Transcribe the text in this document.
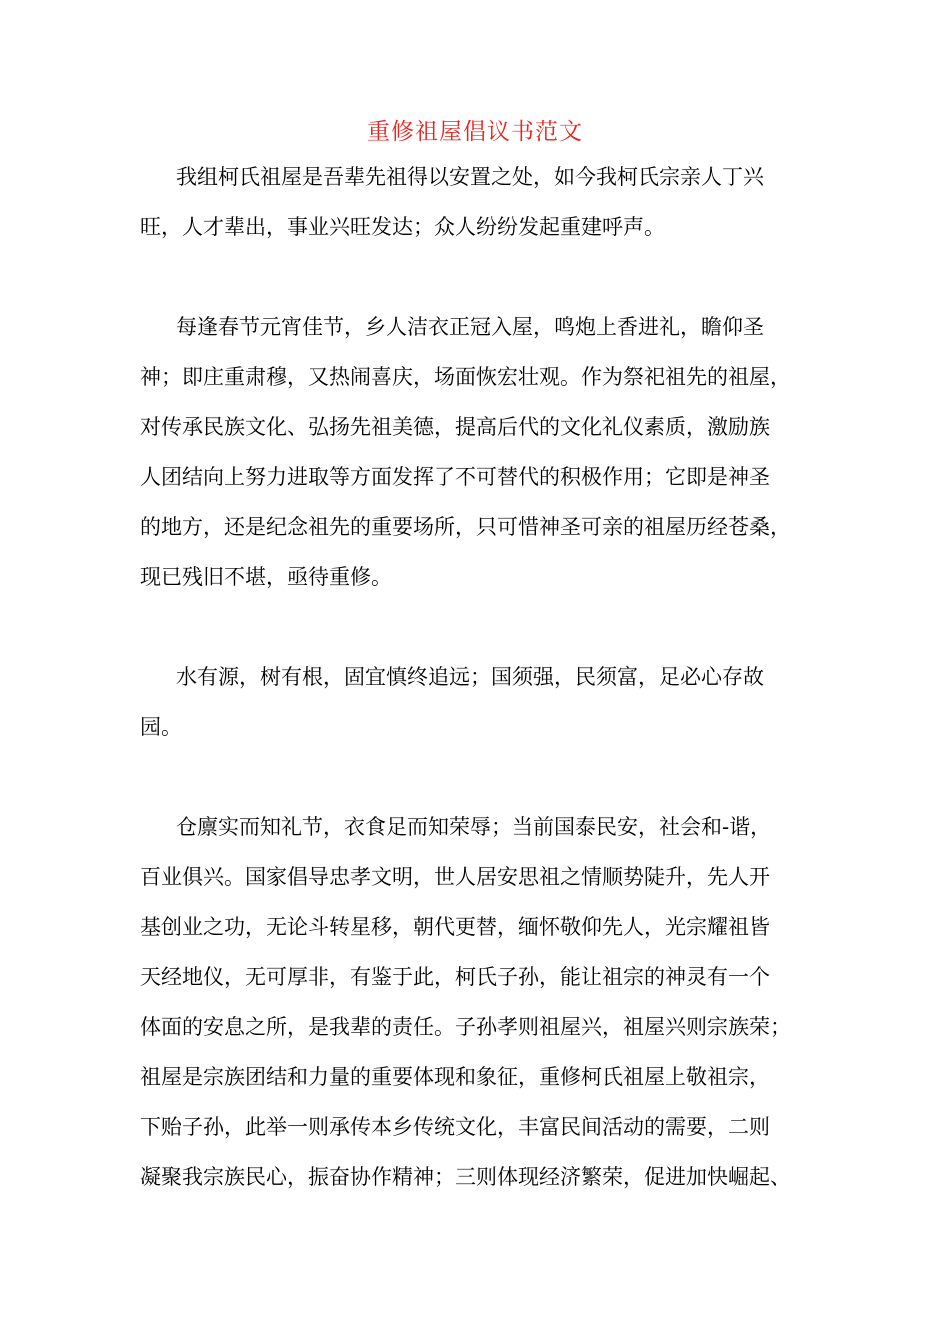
重修祖屋倡议书范文
我组柯氏祖屋是吾辈先祖得以安置之处，如今我柯氏宗亲人丁兴
旺，人才辈出，事业兴旺发达；众人纷纷发起重建呼声。
每逢春节元宵佳节，乡人洁衣正冠入屋，鸣炮上香进礼，瞻仰圣
神；即庄重肃穆，又热闹喜庆，场面恢宏壮观。作为祭祀祖先的祖屋，
对传承民族文化、弘扬先祖美德，提高后代的文化礼仪素质，激励族
人团结向上努力进取等方面发挥了不可替代的积极作用；它即是神圣
的地方，还是纪念祖先的重要场所，只可惜神圣可亲的祖屋历经苍桑，
现已残旧不堪，亟待重修。
水有源，树有根，固宜慎终追远；国须强，民须富，足必心存故
园。
仓廪实而知礼节，衣食足而知荣辱；当前国泰民安，社会和-谐，
百业俱兴。国家倡导忠孝文明，世人居安思祖之情顺势陡升，先人开
基创业之功，无论斗转星移，朝代更替，缅怀敬仰先人，光宗耀祖皆
天经地仪，无可厚非，有鉴于此，柯氏子孙，能让祖宗的神灵有一个
体面的安息之所，是我辈的责任。子孙孝则祖屋兴，祖屋兴则宗族荣；
祖屋是宗族团结和力量的重要体现和象征，重修柯氏祖屋上敬祖宗，
下贻子孙，此举一则承传本乡传统文化，丰富民间活动的需要，二则
凝聚我宗族民心，振奋协作精神；三则体现经济繁荣，促进加快崛起、
